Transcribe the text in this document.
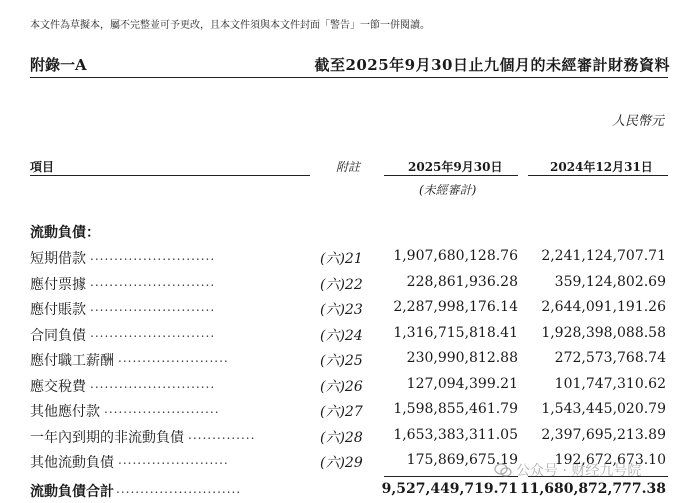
本文件為草擬本，屬不完整並可予更改，且本文件須與本文件封面「警告」一節一併閱讀。
附錄一A	截至2025年9月30日止九個月的未經審計財務資料
人民幣元
項目	附註	2025年9月30日	2024年12月31日
(未經審計)
流動負債：
短期借款 ..........................	(六)21 1,907,680,128.76 2,241,124,707.71
應付票據 ..........................	(六)22	228,861,936.28	359,124,802.69
應付賬款 ..........................	(六)23 2,287,998,176.14 2,644,091,191.26
合同負債 ..........................	(六)24 1,316,715,818.41 1,928,398,088.58
應付職工薪酬 .......................	(六)25	230,990,812.88	272,573,768.74
應交稅費 ..........................	(六)26	127,094,399.21	101,747,310.62
其他應付款 ........................	(六)27 1,598,855,461.79 1,543,445,020.79
一年內到期的非流動負債 ..............	(六)28 1,653,383,311.05 2,397,695,213.89
其他流動負債 .......................	(六)29	175,869,675.19	192,672,673.10
流動負債合計 ..........................	9,527,449,719.71 11,680,872,777.38
公众号 · 财经九号院
